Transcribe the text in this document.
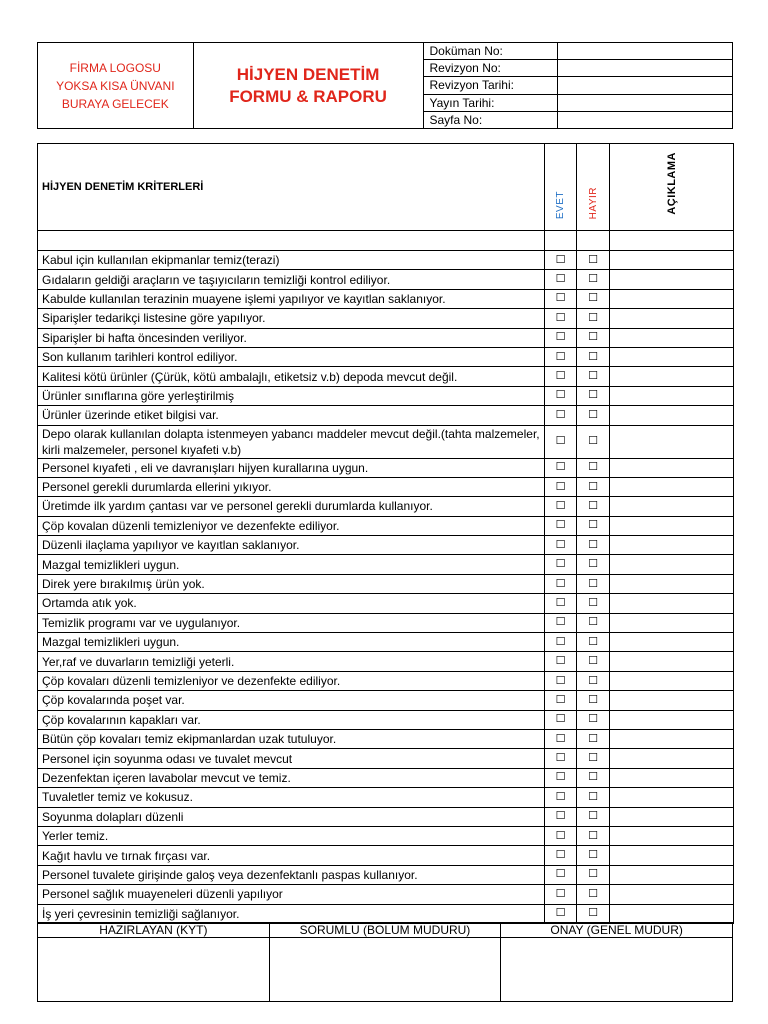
FİRMA LOGOSU YOKSA KISA ÜNVANI BURAYA GELECEK	HİJYEN DENETİM
FORMU & RAPORU	Doküman No:	
		Revizyon No:	
		Revizyon Tarihi:	
		Yayın Tarihi:	
		Sayfa No:	
HİJYEN DENETİM KRİTERLERİ	EVET	HAYIR	AÇIKLAMA

Kabul için kullanılan ekipmanlar temiz(terazi)	☐	☐	
Gıdaların geldiği araçların ve taşıyıcıların temizliği kontrol ediliyor.	☐	☐	
Kabulde kullanılan terazinin muayene işlemi yapılıyor ve kayıtlan saklanıyor.	☐	☐	
Siparişler tedarikçi listesine göre yapılıyor.	☐	☐	
Siparişler bi hafta öncesinden veriliyor.	☐	☐	
Son kullanım tarihleri kontrol ediliyor.	☐	☐	
Kalitesi kötü ürünler (Çürük, kötü ambalajlı, etiketsiz v.b) depoda mevcut değil.	☐	☐	
Ürünler sınıflarına göre yerleştirilmiş	☐	☐	
Ürünler üzerinde etiket bilgisi var.	☐	☐	
Depo olarak kullanılan dolapta istenmeyen yabancı maddeler mevcut değil.(tahta malzemeler, kirli malzemeler, personel kıyafeti v.b)	☐	☐	
Personel kıyafeti , eli ve davranışları hijyen kurallarına uygun.	☐	☐	
Personel gerekli durumlarda ellerini yıkıyor.	☐	☐	
Üretimde ilk yardım çantası var ve personel gerekli durumlarda kullanıyor.	☐	☐	
Çöp kovalan düzenli temizleniyor ve dezenfekte ediliyor.	☐	☐	
Düzenli ilaçlama yapılıyor ve kayıtlan saklanıyor.	☐	☐	
Mazgal temizlikleri uygun.	☐	☐	
Direk yere bırakılmış ürün yok.	☐	☐	
Ortamda atık yok.	☐	☐	
Temizlik programı var ve uygulanıyor.	☐	☐	
Mazgal temizlikleri uygun.	☐	☐	
Yer,raf ve duvarların temizliği yeterli.	☐	☐	
Çöp kovaları düzenli temizleniyor ve dezenfekte ediliyor.	☐	☐	
Çöp kovalarında poşet var.	☐	☐	
Çöp kovalarının kapakları var.	☐	☐	
Bütün çöp kovaları temiz ekipmanlardan uzak tutuluyor.	☐	☐	
Personel için soyunma odası ve tuvalet mevcut	☐	☐	
Dezenfektan içeren lavabolar mevcut ve temiz.	☐	☐	
Tuvaletler temiz ve kokusuz.	☐	☐	
Soyunma dolapları düzenli	☐	☐	
Yerler temiz.	☐	☐	
Kağıt havlu ve tırnak fırçası var.	☐	☐	
Personel tuvalete girişinde galoş veya dezenfektanlı paspas kullanıyor.	☐	☐	
Personel sağlık muayeneleri düzenli yapılıyor	☐	☐	
İş yeri çevresinin temizliği sağlanıyor.	☐	☐	
HAZIRLAYAN (KYT)	SORUMLU (BOLUM MUDURU)	ONAY (GENEL MUDUR)
